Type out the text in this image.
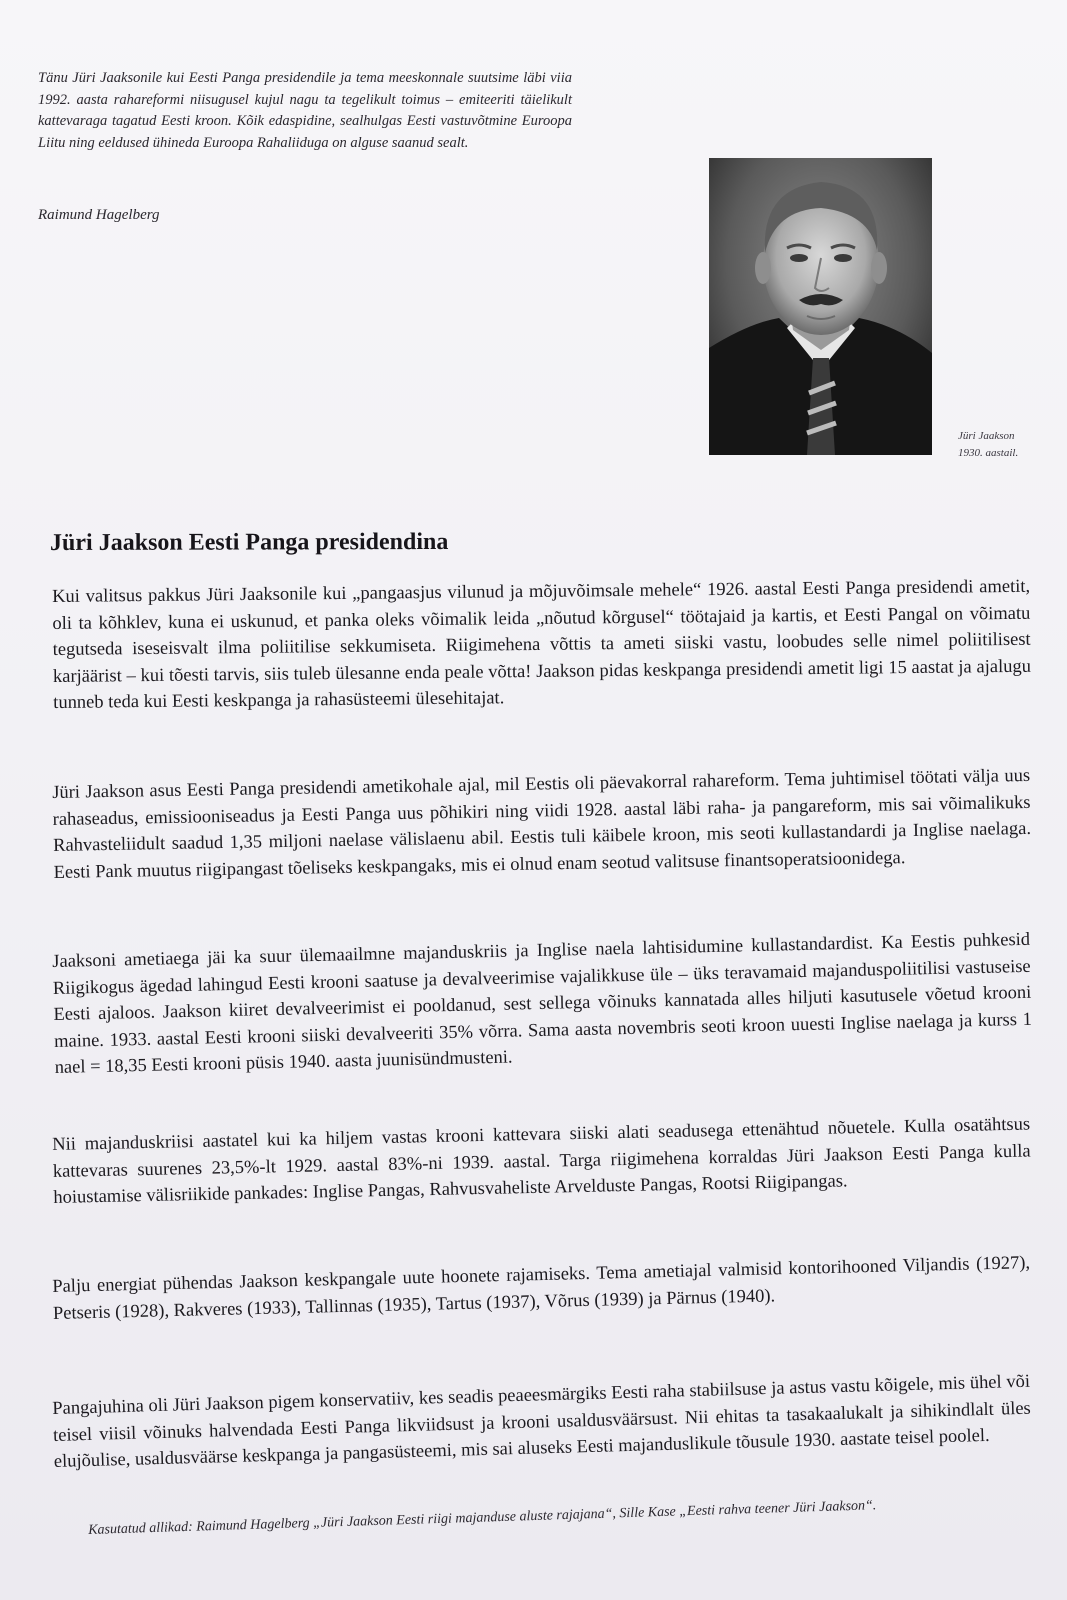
Tänu Jüri Jaaksonile kui Eesti Panga presidendile ja tema meeskonnale suutsime läbi viia 1992. aasta rahareformi niisugusel kujul nagu ta tegelikult toimus – emiteeriti täielikult kattevaraga tagatud Eesti kroon. Kõik edaspidine, sealhulgas Eesti vastuvõtmine Euroopa Liitu ning eeldused ühineda Euroopa Rahaliiduga on alguse saanud sealt.
Raimund Hagelberg
Jüri Jaakson
1930. aastail.
Jüri Jaakson Eesti Panga presidendina

Kui valitsus pakkus Jüri Jaaksonile kui „pangaasjus vilunud ja mõjuvõimsale mehele“ 1926. aastal Eesti Panga presidendi ametit, oli ta kõhklev, kuna ei uskunud, et panka oleks võimalik leida „nõutud kõrgusel“ töötajaid ja kartis, et Eesti Pangal on võimatu tegutseda iseseisvalt ilma poliitilise sekkumiseta. Riigimehena võttis ta ameti siiski vastu, loobudes selle nimel poliitilisest karjäärist – kui tõesti tarvis, siis tuleb ülesanne enda peale võtta! Jaakson pidas keskpanga presidendi ametit ligi 15 aastat ja ajalugu tunneb teda kui Eesti keskpanga ja rahasüsteemi ülesehitajat.

Jüri Jaakson asus Eesti Panga presidendi ametikohale ajal, mil Eestis oli päevakorral rahareform. Tema juhtimisel töötati välja uus rahaseadus, emissiooniseadus ja Eesti Panga uus põhikiri ning viidi 1928. aastal läbi raha- ja pangareform, mis sai võimalikuks Rahvasteliidult saadud 1,35 miljoni naelase välislaenu abil. Eestis tuli käibele kroon, mis seoti kullastandardi ja Inglise naelaga. Eesti Pank muutus riigipangast tõeliseks keskpangaks, mis ei olnud enam seotud valitsuse finantsoperatsioonidega.

Jaaksoni ametiaega jäi ka suur ülemaailmne majanduskriis ja Inglise naela lahtisidumine kullastandardist. Ka Eestis puhkesid Riigikogus ägedad lahingud Eesti krooni saatuse ja devalveerimise vajalikkuse üle – üks teravamaid majanduspoliitilisi vastuseise Eesti ajaloos. Jaakson kiiret devalveerimist ei pooldanud, sest sellega võinuks kannatada alles hiljuti kasutusele võetud krooni maine. 1933. aastal Eesti krooni siiski devalveeriti 35% võrra. Sama aasta novembris seoti kroon uuesti Inglise naelaga ja kurss 1 nael = 18,35 Eesti krooni püsis 1940. aasta juunisündmusteni.

Nii majanduskriisi aastatel kui ka hiljem vastas krooni kattevara siiski alati seadusega ettenähtud nõuetele. Kulla osatähtsus kattevaras suurenes 23,5%-lt 1929. aastal 83%-ni 1939. aastal. Targa riigimehena korraldas Jüri Jaakson Eesti Panga kulla hoiustamise välisriikide pankades: Inglise Pangas, Rahvusvaheliste Arvelduste Pangas, Rootsi Riigipangas.

Palju energiat pühendas Jaakson keskpangale uute hoonete rajamiseks. Tema ametiajal valmisid kontorihooned Viljandis (1927), Petseris (1928), Rakveres (1933), Tallinnas (1935), Tartus (1937), Võrus (1939) ja Pärnus (1940).

Pangajuhina oli Jüri Jaakson pigem konservatiiv, kes seadis peaeesmärgiks Eesti raha stabiilsuse ja astus vastu kõigele, mis ühel või teisel viisil võinuks halvendada Eesti Panga likviidsust ja krooni usaldusväärsust. Nii ehitas ta tasakaalukalt ja sihikindlalt üles elujõulise, usaldusväärse keskpanga ja pangasüsteemi, mis sai aluseks Eesti majanduslikule tõusule 1930. aastate teisel poolel.

Kasutatud allikad: Raimund Hagelberg „Jüri Jaakson Eesti riigi majanduse aluste rajajana“, Sille Kase „Eesti rahva teener Jüri Jaakson“.
